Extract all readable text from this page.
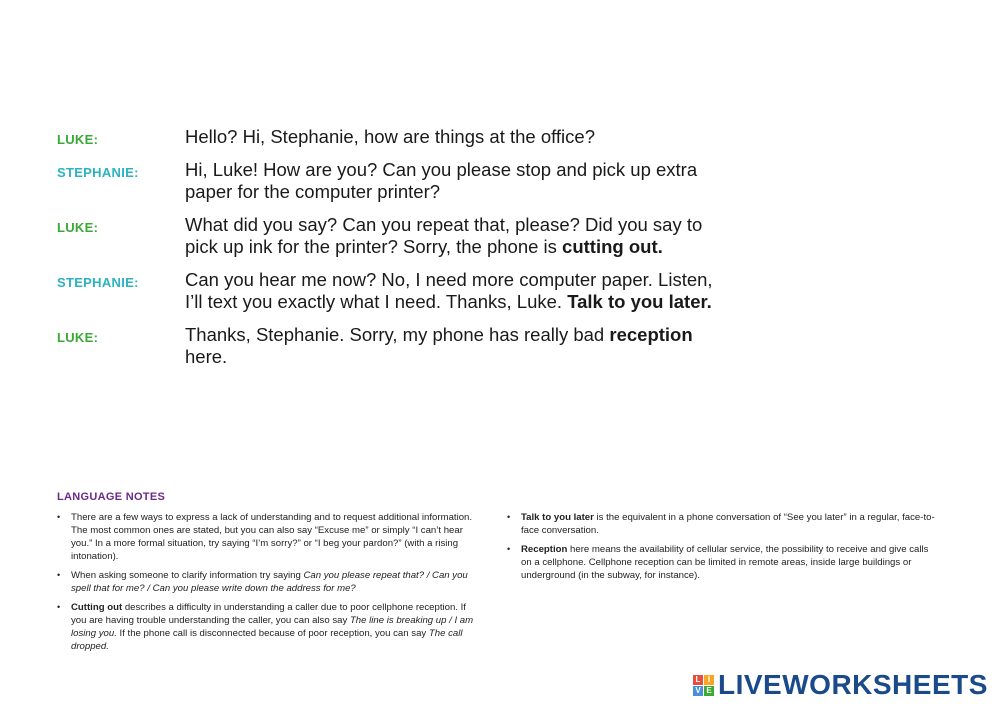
LUKE:	Hello? Hi, Stephanie, how are things at the office?
STEPHANIE:	Hi, Luke! How are you? Can you please stop and pick up extra paper for the computer printer?
LUKE:	What did you say? Can you repeat that, please? Did you say to pick up ink for the printer? Sorry, the phone is cutting out.
STEPHANIE:	Can you hear me now? No, I need more computer paper. Listen, I’ll text you exactly what I need. Thanks, Luke. Talk to you later.
LUKE:	Thanks, Stephanie. Sorry, my phone has really bad reception here.
LANGUAGE NOTES
•	There are a few ways to express a lack of understanding and to request additional information. The most common ones are stated, but you can also say “Excuse me” or simply “I can’t hear you.” In a more formal situation, try saying “I’m sorry?” or “I beg your pardon?” (with a rising intonation).
•	When asking someone to clarify information try saying Can you please repeat that? / Can you spell that for me? / Can you please write down the address for me?
•	Cutting out describes a difficulty in understanding a caller due to poor cellphone reception. If you are having trouble understanding the caller, you can also say The line is breaking up / I am losing you. If the phone call is disconnected because of poor reception, you can say The call dropped.
•	Talk to you later is the equivalent in a phone conversation of “See you later” in a regular, face-to-face conversation.
•	Reception here means the availability of cellular service, the possibility to receive and give calls on a cellphone. Cellphone reception can be limited in remote areas, inside large buildings or underground (in the subway, for instance).
L I
V E LIVEWORKSHEETS
